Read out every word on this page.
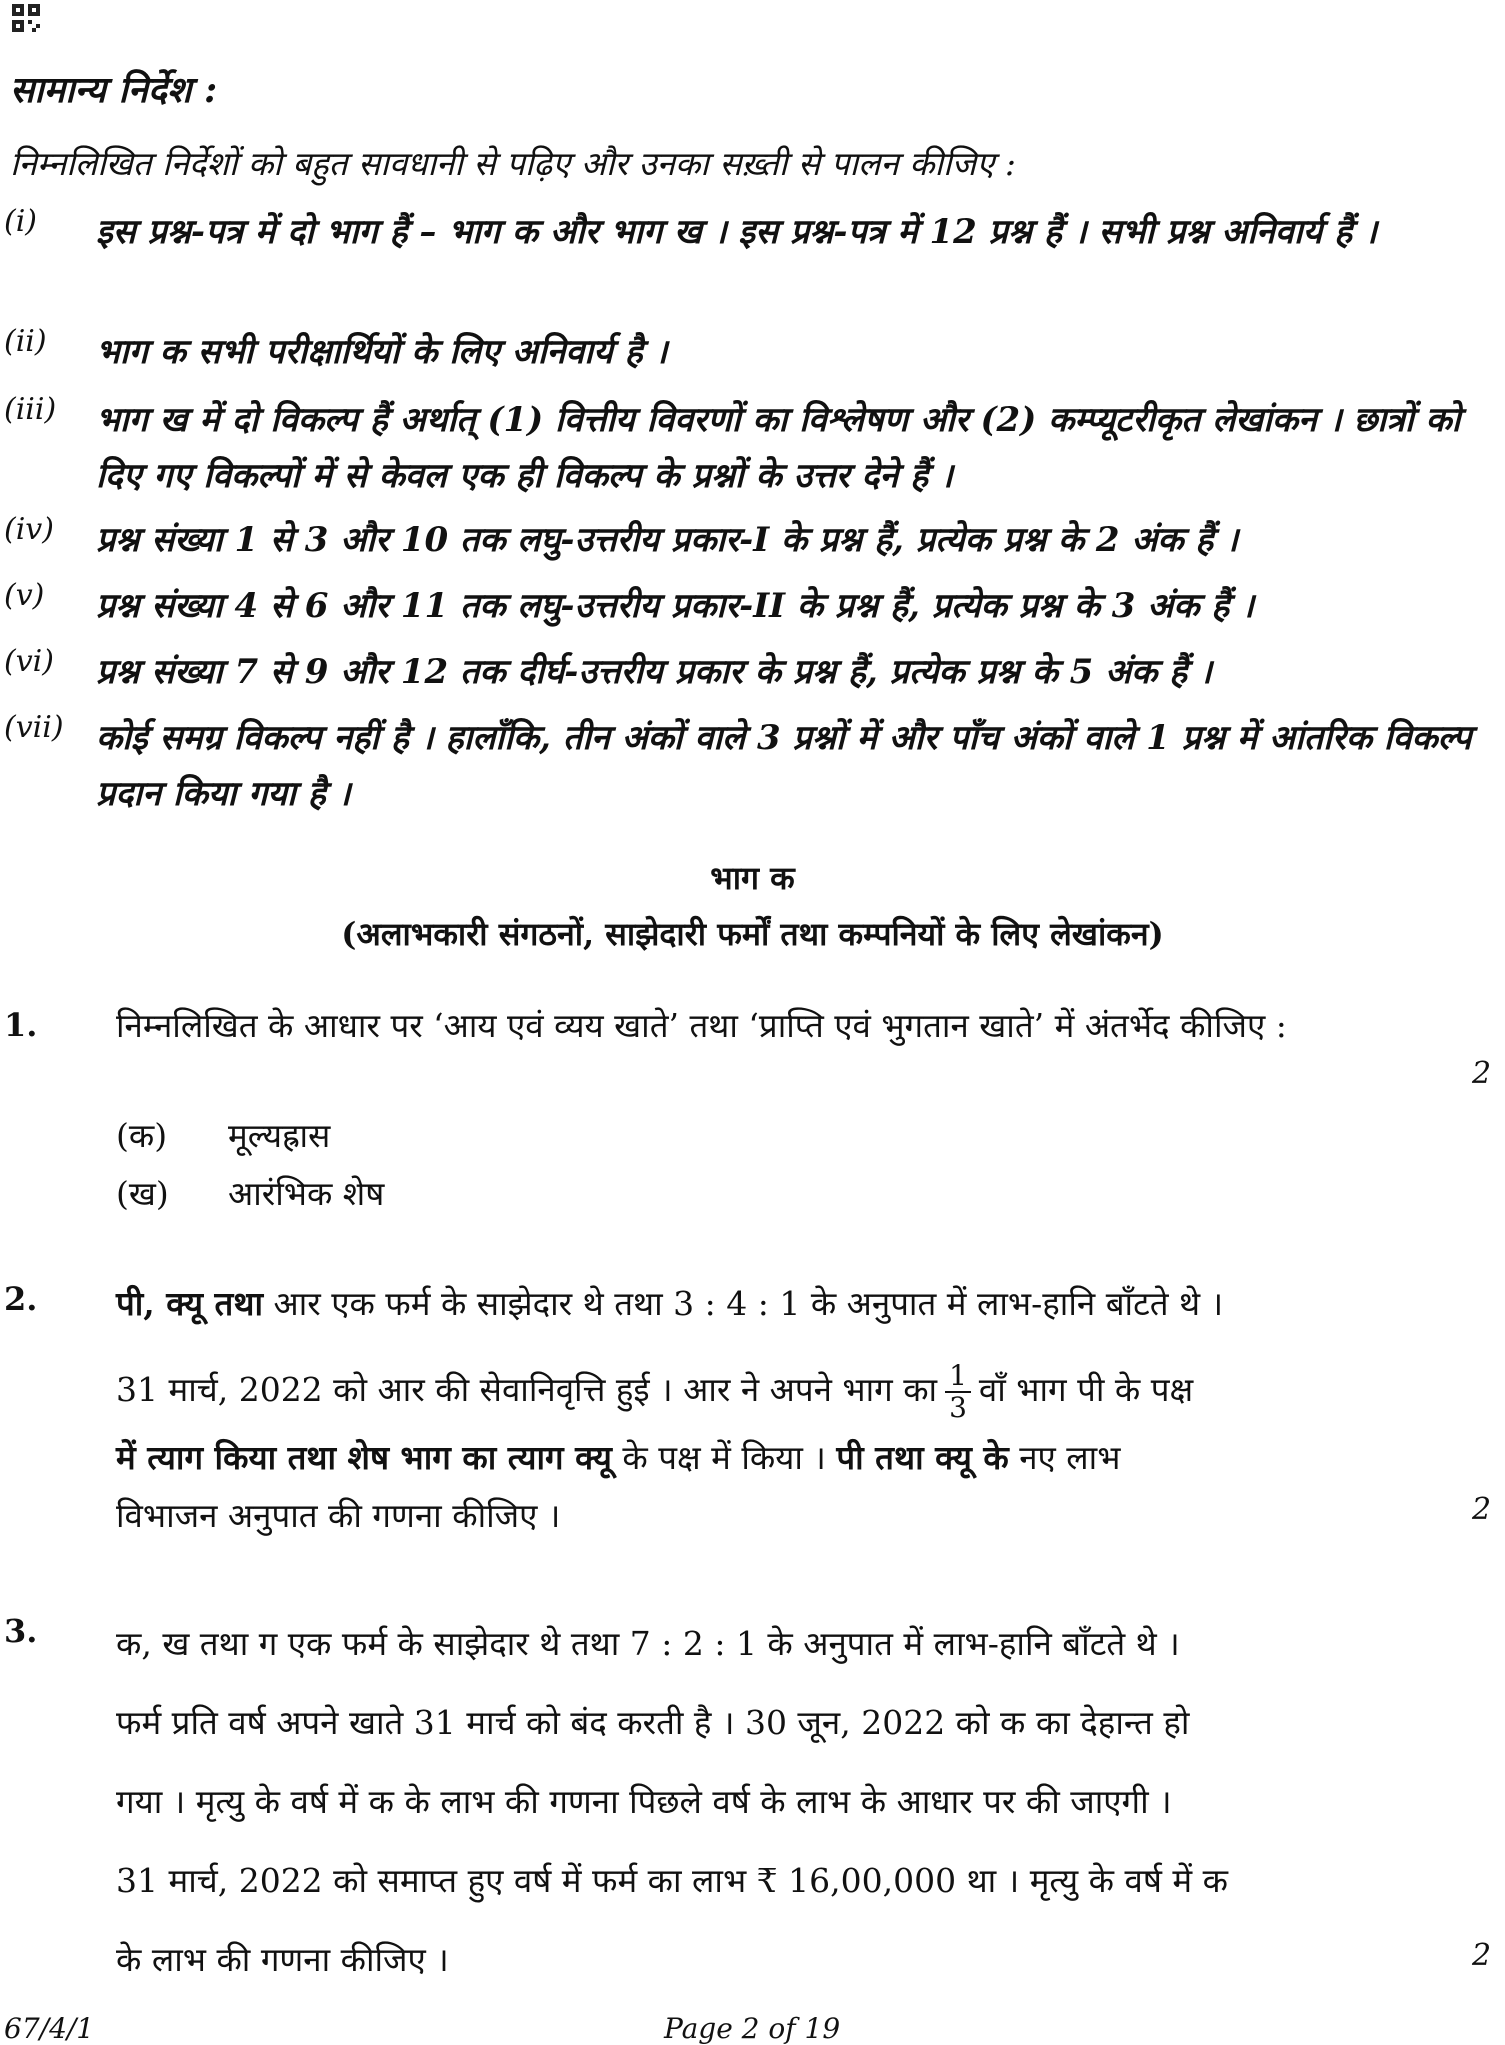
सामान्य निर्देश :
निम्नलिखित निर्देशों को बहुत सावधानी से पढ़िए और उनका सख़्ती से पालन कीजिए :
(i) इस प्रश्न-पत्र में दो भाग हैं – भाग क और भाग ख । इस प्रश्न-पत्र में 12 प्रश्न हैं । सभी प्रश्न अनिवार्य हैं ।
(ii) भाग क सभी परीक्षार्थियों के लिए अनिवार्य है ।
(iii) भाग ख में दो विकल्प हैं अर्थात् (1) वित्तीय विवरणों का विश्लेषण और (2) कम्प्यूटरीकृत लेखांकन । छात्रों को दिए गए विकल्पों में से केवल एक ही विकल्प के प्रश्नों के उत्तर देने हैं ।
(iv) प्रश्न संख्या 1 से 3 और 10 तक लघु-उत्तरीय प्रकार-I के प्रश्न हैं, प्रत्येक प्रश्न के 2 अंक हैं ।
(v) प्रश्न संख्या 4 से 6 और 11 तक लघु-उत्तरीय प्रकार-II के प्रश्न हैं, प्रत्येक प्रश्न के 3 अंक हैं ।
(vi) प्रश्न संख्या 7 से 9 और 12 तक दीर्घ-उत्तरीय प्रकार के प्रश्न हैं, प्रत्येक प्रश्न के 5 अंक हैं ।
(vii) कोई समग्र विकल्प नहीं है । हालाँकि, तीन अंकों वाले 3 प्रश्नों में और पाँच अंकों वाले 1 प्रश्न में आंतरिक विकल्प प्रदान किया गया है ।
भाग क
(अलाभकारी संगठनों, साझेदारी फर्मों तथा कम्पनियों के लिए लेखांकन)
1. निम्नलिखित के आधार पर ‘आय एवं व्यय खाते’ तथा ‘प्राप्ति एवं भुगतान खाते’ में अंतर्भेद कीजिए :
2
(क) मूल्यह्रास
(ख) आरंभिक शेष
2. पी, क्यू तथा आर एक फर्म के साझेदार थे तथा 3 : 4 : 1 के अनुपात में लाभ-हानि बाँटते थे ।
31 मार्च, 2022 को आर की सेवानिवृत्ति हुई । आर ने अपने भाग का $\frac{1}{3}$ वाँ भाग पी के पक्ष
में त्याग किया तथा शेष भाग का त्याग क्यू के पक्ष में किया । पी तथा क्यू के नए लाभ
विभाजन अनुपात की गणना कीजिए ।	2
3. क, ख तथा ग एक फर्म के साझेदार थे तथा 7 : 2 : 1 के अनुपात में लाभ-हानि बाँटते थे ।
फर्म प्रति वर्ष अपने खाते 31 मार्च को बंद करती है । 30 जून, 2022 को क का देहान्त हो
गया । मृत्यु के वर्ष में क के लाभ की गणना पिछले वर्ष के लाभ के आधार पर की जाएगी ।
31 मार्च, 2022 को समाप्त हुए वर्ष में फर्म का लाभ ₹ 16,00,000 था । मृत्यु के वर्ष में क
के लाभ की गणना कीजिए ।	2
67/4/1	Page 2 of 19
